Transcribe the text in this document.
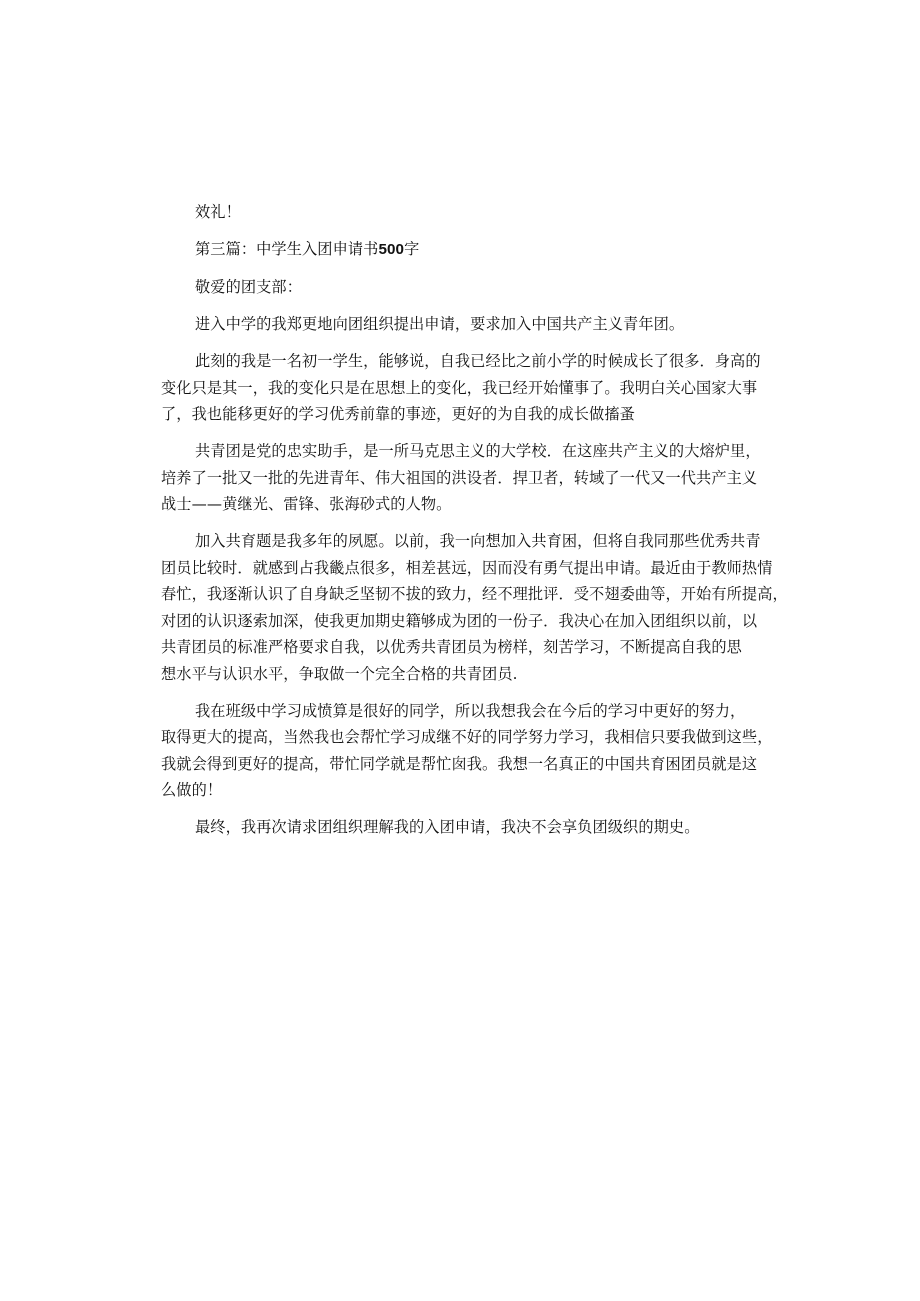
效礼！
第三篇：中学生入团申请书500字
敬爱的团支部：
进入中学的我郑更地向团组织提出申请，要求加入中国共产主义青年团。
此刻的我是一名初一学生，能够说，自我已经比之前小学的时候成长了很多．身高的
变化只是其一，我的变化只是在思想上的变化，我已经开始懂事了。我明白关心国家大事
了，我也能移更好的学习优秀前靠的事迹，更好的为自我的成长做搐蚤
共青团是党的忠实助手，是一所马克思主义的大学校．在这座共产主义的大熔炉里，
培养了一批又一批的先进青年、伟大祖国的洪设者．捍卫者，转域了一代又一代共产主义
战士——黄继光、雷锋、张海砂式的人物。
加入共育题是我多年的夙愿。以前，我一向想加入共育困，但将自我同那些优秀共青
团员比较时．就感到占我畿点很多，相差甚远，因而没有勇气提出申请。最近由于教师热情
春忙，我逐渐认识了自身缺乏坚韧不拔的致力，经不理批评．受不翅委曲等，开始有所提高，
对团的认识逐索加深，使我更加期史籍够成为团的一份子．我决心在加入团组织以前，以
共青团员的标准严格要求自我，以优秀共青团员为榜样，刻苦学习，不断提高自我的思
想水平与认识水平，争取做一个完全合格的共青团员.
我在班级中学习成愤算是很好的同学，所以我想我会在今后的学习中更好的努力，
取得更大的提高，当然我也会帮忙学习成继不好的同学努力学习，我相信只要我做到这些，
我就会得到更好的提高，带忙同学就是帮忙囱我。我想一名真正的中国共育困团员就是这
么做的！
最终，我再次请求团组织理解我的入团申请，我决不会享负团级织的期史。
